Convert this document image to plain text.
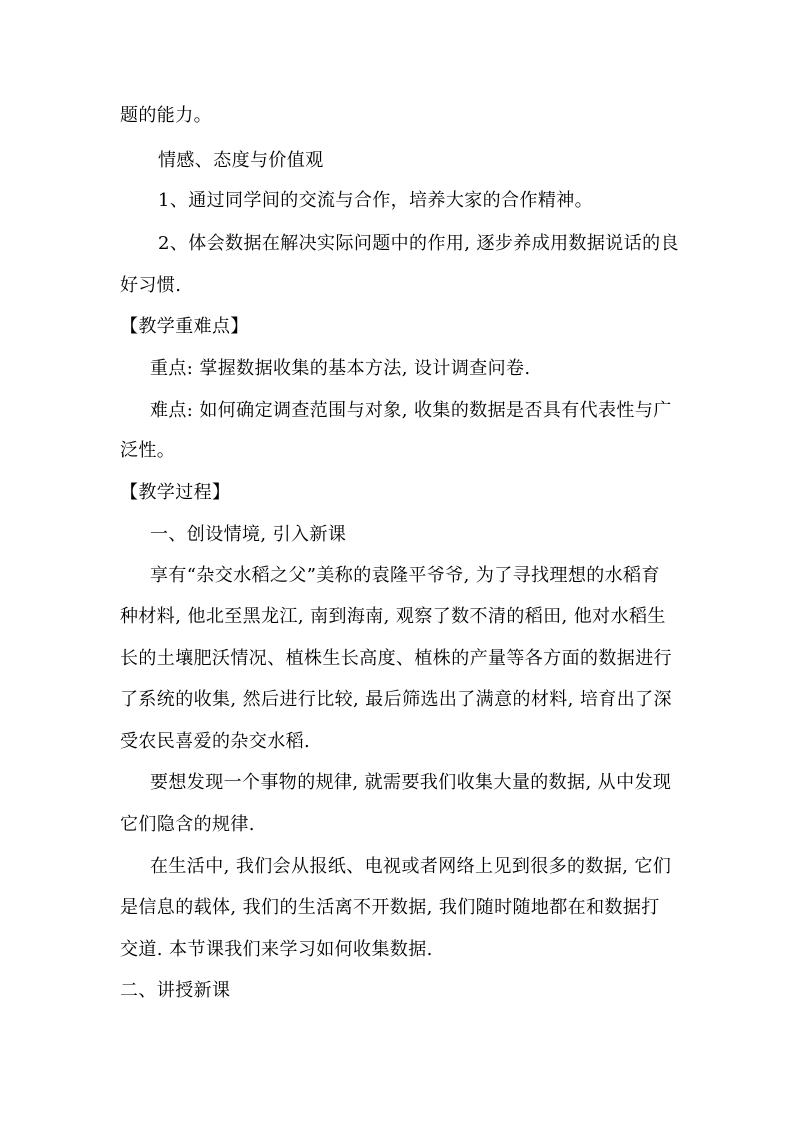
题的能力。
情感、态度与价值观
1、通过同学间的交流与合作，培养大家的合作精神。
2、体会数据在解决实际问题中的作用, 逐步养成用数据说话的良
好习惯.
【教学重难点】
重点: 掌握数据收集的基本方法, 设计调查问卷.
难点: 如何确定调查范围与对象, 收集的数据是否具有代表性与广
泛性。
【教学过程】
一、创设情境, 引入新课
享有“杂交水稻之父”美称的袁隆平爷爷, 为了寻找理想的水稻育
种材料, 他北至黑龙江, 南到海南, 观察了数不清的稻田, 他对水稻生
长的土壤肥沃情况、植株生长高度、植株的产量等各方面的数据进行
了系统的收集, 然后进行比较, 最后筛选出了满意的材料, 培育出了深
受农民喜爱的杂交水稻.
要想发现一个事物的规律, 就需要我们收集大量的数据, 从中发现
它们隐含的规律.
在生活中, 我们会从报纸、电视或者网络上见到很多的数据, 它们
是信息的载体, 我们的生活离不开数据, 我们随时随地都在和数据打
交道. 本节课我们来学习如何收集数据.
二、讲授新课
